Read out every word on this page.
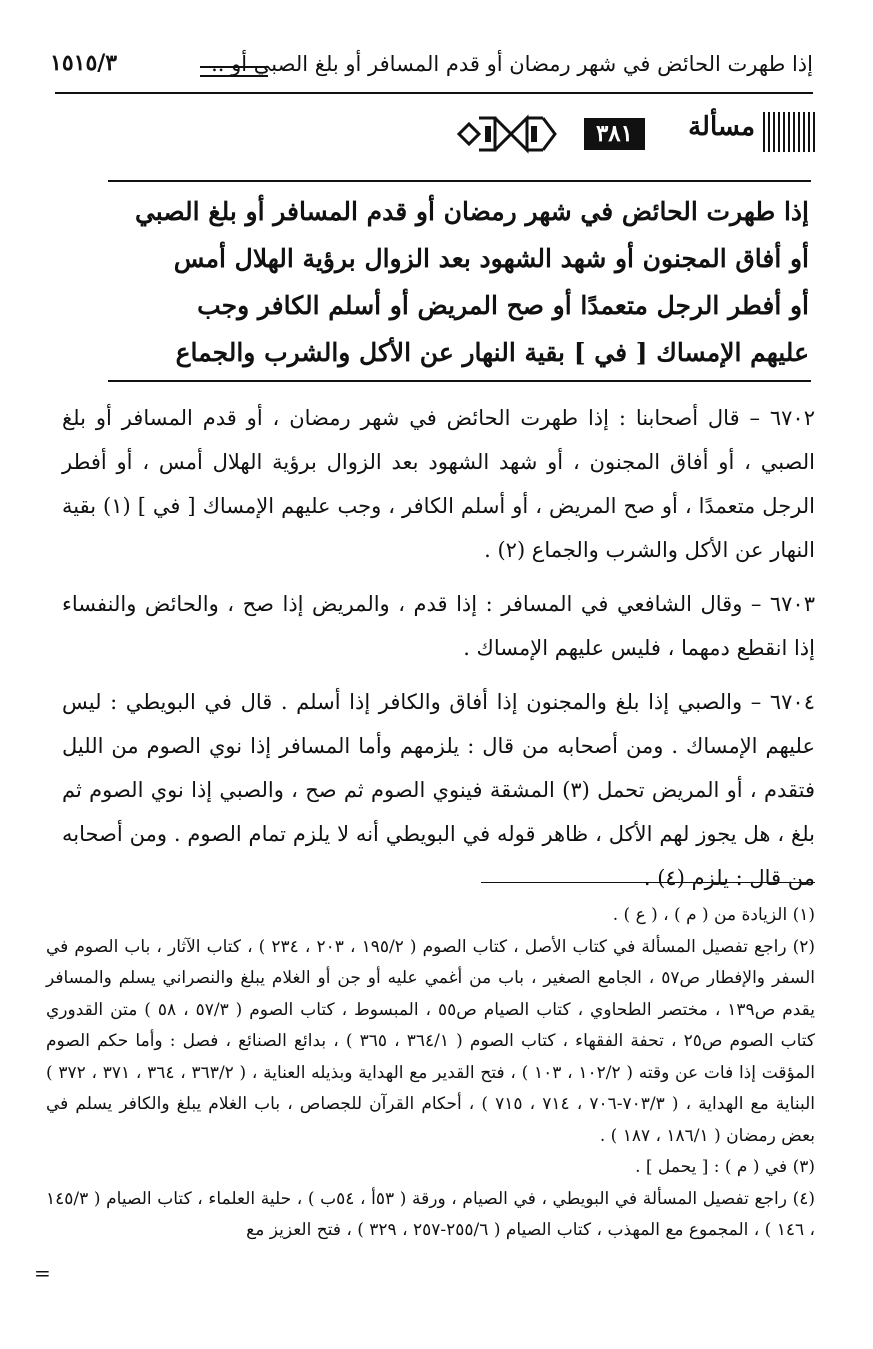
إذا طهرت الحائض في شهر رمضان أو قدم المسافر أو بلغ الصبي أو ..
١٥١٥/٣
مسألة
٣٨١
إذا طهرت الحائض في شهر رمضان أو قدم المسافر أو بلغ الصبي
أو أفاق المجنون أو شهد الشهود بعد الزوال برؤية الهلال أمس
أو أفطر الرجل متعمدًا أو صح المريض أو أسلم الكافر وجب
عليهم الإمساك [ في ] بقية النهار عن الأكل والشرب والجماع

٦٧٠٢ – قال أصحابنا : إذا طهرت الحائض في شهر رمضان ، أو قدم المسافر أو بلغ الصبي ، أو أفاق المجنون ، أو شهد الشهود بعد الزوال برؤية الهلال أمس ، أو أفطر الرجل متعمدًا ، أو صح المريض ، أو أسلم الكافر ، وجب عليهم الإمساك [ في ] (١) بقية النهار عن الأكل والشرب والجماع (٢) .

٦٧٠٣ – وقال الشافعي في المسافر : إذا قدم ، والمريض إذا صح ، والحائض والنفساء إذا انقطع دمهما ، فليس عليهم الإمساك .

٦٧٠٤ – والصبي إذا بلغ والمجنون إذا أفاق والكافر إذا أسلم . قال في البويطي : ليس عليهم الإمساك . ومن أصحابه من قال : يلزمهم وأما المسافر إذا نوي الصوم من الليل فتقدم ، أو المريض تحمل (٣) المشقة فينوي الصوم ثم صح ، والصبي إذا نوي الصوم ثم بلغ ، هل يجوز لهم الأكل ، ظاهر قوله في البويطي أنه لا يلزم تمام الصوم . ومن أصحابه من قال : يلزم (٤) .

(١) الزيادة من ( م ) ، ( ع ) .

(٢) راجع تفصيل المسألة في كتاب الأصل ، كتاب الصوم ( ١٩٥/٢ ، ٢٠٣ ، ٢٣٤ ) ، كتاب الآثار ، باب الصوم في السفر والإفطار ص٥٧ ، الجامع الصغير ، باب من أغمي عليه أو جن أو الغلام يبلغ والنصراني يسلم والمسافر يقدم ص١٣٩ ، مختصر الطحاوي ، كتاب الصيام ص٥٥ ، المبسوط ، كتاب الصوم ( ٥٧/٣ ، ٥٨ ) متن القدوري كتاب الصوم ص٢٥ ، تحفة الفقهاء ، كتاب الصوم ( ٣٦٤/١ ، ٣٦٥ ) ، بدائع الصنائع ، فصل : وأما حكم الصوم المؤقت إذا فات عن وقته ( ١٠٢/٢ ، ١٠٣ ) ، فتح القدير مع الهداية وبذيله العناية ، ( ٣٦٣/٢ ، ٣٦٤ ، ٣٧١ ، ٣٧٢ ) البناية مع الهداية ، ( ٧٠٣/٣-٧٠٦ ، ٧١٤ ، ٧١٥ ) ، أحكام القرآن للجصاص ، باب الغلام يبلغ والكافر يسلم في بعض رمضان ( ١٨٦/١ ، ١٨٧ ) .

(٣) في ( م ) : [ يحمل ] .

(٤) راجع تفصيل المسألة في البويطي ، في الصيام ، ورقة ( ٥٣أ ، ٥٤ب ) ، حلية العلماء ، كتاب الصيام ( ١٤٥/٣ ، ١٤٦ ) ، المجموع مع المهذب ، كتاب الصيام ( ٢٥٥/٦-٢٥٧ ، ٣٢٩ ) ، فتح العزيز مع

=
